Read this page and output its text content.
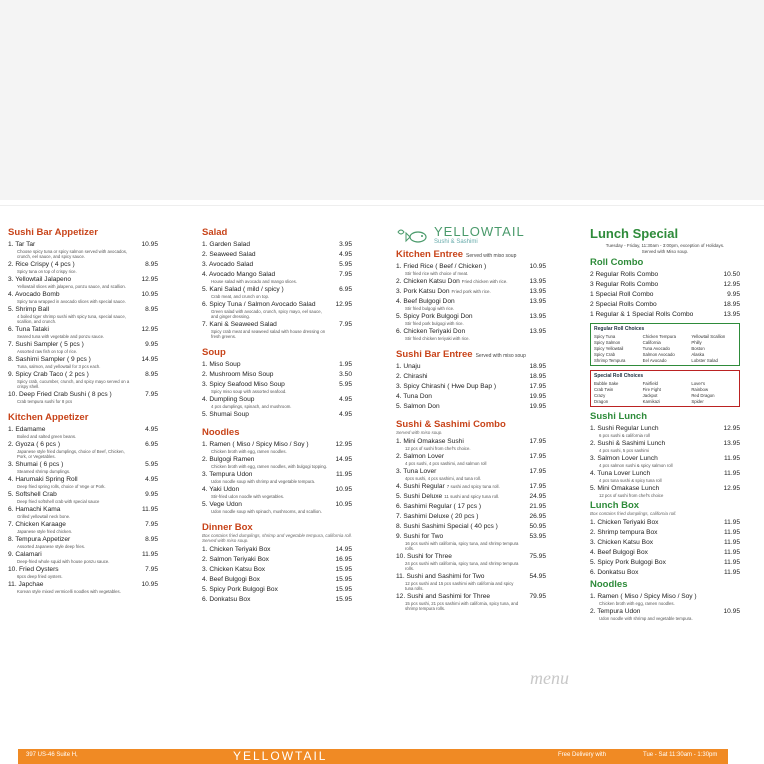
Sushi Bar Appetizer
1. Tar Tar	10.95
Choose spicy tuna or spicy salmon served with avocados, crunch, eel sauce, and spicy sauce.
2. Rice Crispy ( 4 pcs )	8.95
Spicy tuna on top of crispy rice.
3. Yellowtail Jalapeno	12.95
Yellowtail slices with jalapeno, ponzu sauce, and scallion.
4. Avocado Bomb	10.95
Spicy tuna wrapped in avocado slices with special sauce.
5. Shrimp Ball	8.95
4 boiled tiger shrimp sushi with spicy tuna, special sauce, scallion, and crunch.
6. Tuna Tataki	12.95
Seared tuna with vegetable and ponzu sauce.
7. Sushi Sampler ( 5 pcs )	9.95
Assorted raw fish on top of rice.
8. Sashimi Sampler ( 9 pcs )	14.95
Tuna, salmon, and yellowtail for 3 pcs each.
9. Spicy Crab Taco ( 2 pcs )	8.95
Spicy crab, cucumber, crunch, and spicy mayo served on a crispy shell.
10. Deep Fried Crab Sushi ( 8 pcs )	7.95
Crab tempura sushi for 8 pcs
Kitchen Appetizer
1. Edamame	4.95
Boiled and salted green beans.
2. Gyoza ( 6 pcs )	6.95
Japanese style fried dumplings, choice of Beef, Chicken, Pork, or Vegetables.
3. Shumai ( 6 pcs )	5.95
Steamed shrimp dumplings.
4. Harumaki Spring Roll	4.95
Deep fried spring rolls, choice of Vege or Pork.
5. Softshell Crab	9.95
Deep fried softshell crab with special sauce
6. Hamachi Kama	11.95
Grilled yellowtail neck bone.
7. Chicken Karaage	7.95
Japanese style fried chicken.
8. Tempura Appetizer	8.95
Assorted Japanese style deep fries.
9. Calamari	11.95
Deep-fried whole squid with house ponzu sauce.
10. Fried Oysters	7.95
6pcs deep fried oysters.
11. Japchae	10.95
Korean style mixed vermicelli noodles with vegetables.
Salad
1. Garden Salad	3.95
2. Seaweed Salad	4.95
3. Avocado Salad	5.95
4. Avocado Mango Salad	7.95
House salad with avocado and mango slices.
5. Kani Salad ( mild / spicy )	6.95
Crab meat, and crunch on top.
6. Spicy Tuna / Salmon Avocado Salad	12.95
Green salad with avocado, crunch, spicy mayo, eel sauce, and ginger dressing.
7. Kani & Seaweed Salad	7.95
Spicy crab meat and seaweed salad with house dressing on fresh greens.
Soup
1. Miso Soup	1.95
2. Mushroom Miso Soup	3.50
3. Spicy Seafood Miso Soup	5.95
Spicy miso soup with assorted seafood.
4. Dumpling Soup	4.95
4 pcs dumplings, spinach, and mushroom.
5. Shumai Soup	4.95
Noodles
1. Ramen ( Miso / Spicy Miso / Soy )	12.95
Chicken broth with egg, ramen noodles.
2. Bulgogi Ramen	14.95
Chicken broth with egg, ramen noodles, with bulgogi topping.
3. Tempura Udon	11.95
Udon noodle soup with shrimp and vegetable tempura.
4. Yaki Udon	10.95
Stir-fried udon noodle with vegetables.
5. Vege Udon	10.95
Udon noodle soup with spinach, mushrooms, and scallion.
Dinner Box
Box contains fried dumplings, shrimp and vegetable tempura, california roll. Served with miso soup.
1. Chicken Teriyaki Box	14.95
2. Salmon Teriyaki Box	16.95
3. Chicken Katsu Box	15.95
4. Beef Bulgogi Box	15.95
5. Spicy Pork Bulgogi Box	15.95
6. Donkatsu Box	15.95
YELLOWTAIL
Sushi & Sashimi
Kitchen Entree Served with miso soup
1. Fried Rice ( Beef / Chicken )	10.95
Stir fried rice with choice of meat.
2. Chicken Katsu Don Fried chicken with rice.	13.95
3. Pork Katsu Don Fried pork with rice.	13.95
4. Beef Bulgogi Don	13.95
Stir fried bulgogi with rice.
5. Spicy Pork Bulgogi Don	13.95
Stir fried pork bulgogi with rice.
6. Chicken Teriyaki Don	13.95
Stir fried chicken teriyaki with rice.
Sushi Bar Entree Served with miso soup
1. Unaju	18.95
2. Chirashi	18.95
3. Spicy Chirashi ( Hwe Dup Bap )	17.95
4. Tuna Don	19.95
5. Salmon Don	19.95
Sushi & Sashimi Combo
Served with miso soup.
1. Mini Omakase Sushi	17.95
12 pcs of sushi from chef's choice.
2. Salmon Lover	17.95
4 pcs sushi, 4 pcs sashimi, and salmon roll
3. Tuna Lover	17.95
4pcs sushi, 4 pcs sashimi, and tuna roll.
4. Sushi Regular 7 sushi and spicy tuna roll.	17.95
5. Sushi Deluxe 11 sushi and spicy tuna roll.	24.95
6. Sashimi Regular ( 17 pcs )	21.95
7. Sashimi Deluxe ( 20 pcs )	26.95
8. Sushi Sashimi Special ( 40 pcs )	50.95
9. Sushi for Two	53.95
16 pcs sushi with california, spicy tuna, and shrimp tempura rolls.
10. Sushi for Three	75.95
24 pcs sushi with california, spicy tuna, and shrimp tempura rolls.
11. Sushi and Sashimi for Two	54.95
12 pcs sushi and 15 pcs sashimi with california and spicy tuna rolls.
12. Sushi and Sashimi for Three	79.95
15 pcs sushi, 21 pcs sashimi with california, spicy tuna, and shrimp tempura rolls.
Lunch Special
Tuesday - Friday, 11:30am - 3:00pm, exception of Holidays.
Served with Miso soup.
Roll Combo
2 Regular Rolls Combo	10.50
3 Regular Rolls Combo	12.95
1 Special Roll Combo	9.95
2 Special Rolls Combo	18.95
1 Regular & 1 Special Rolls Combo	13.95
Regular Roll Choices
Spicy Tuna	Chicken Tempura	Yellowtail Scallion
Spicy Salmon	California	Philly
Spicy Yellowtail	Tuna Avocado	Boston
Spicy Crab	Salmon Avocado	Alaska
Shrimp Tempura	Eel Avocado	Lobster Salad
Special Roll Choices
Bubble Sake	Fairfield	Lover's
Crab Twin	Fire Fight	Rainbow
Crazy	Jackpot	Red Dragon
Dragon	Kamikazi	Spider
Sushi Lunch
1. Sushi Regular Lunch	12.95
6 pcs sushi & california roll
2. Sushi & Sashimi Lunch	13.95
4 pcs sushi, 5 pcs sashimi
3. Salmon Lover Lunch	11.95
4 pcs salmon sushi & spicy salmon roll
4. Tuna Lover Lunch	11.95
4 pcs tuna sushi & spicy tuna roll
5. Mini Omakase Lunch	12.95
12 pcs of sushi from chef's choice
Lunch Box
Box contains fried dumplings, california roll.
1. Chicken Teriyaki Box	11.95
2. Shrimp tempura Box	11.95
3. Chicken Katsu Box	11.95
4. Beef Bulgogi Box	11.95
5. Spicy Pork Bulgogi Box	11.95
6. Donkatsu Box	11.95
Noodles
1. Ramen ( Miso / Spicy Miso / Soy )
Chicken broth with egg, ramen noodles.
2. Tempura Udon	10.95
Udon noodle with shrimp and vegetable tempura.
menu
397 US-46 Suite H,	YELLOWTAIL	Free Delivery with	Tue - Sat 11:30am - 1:30pm
